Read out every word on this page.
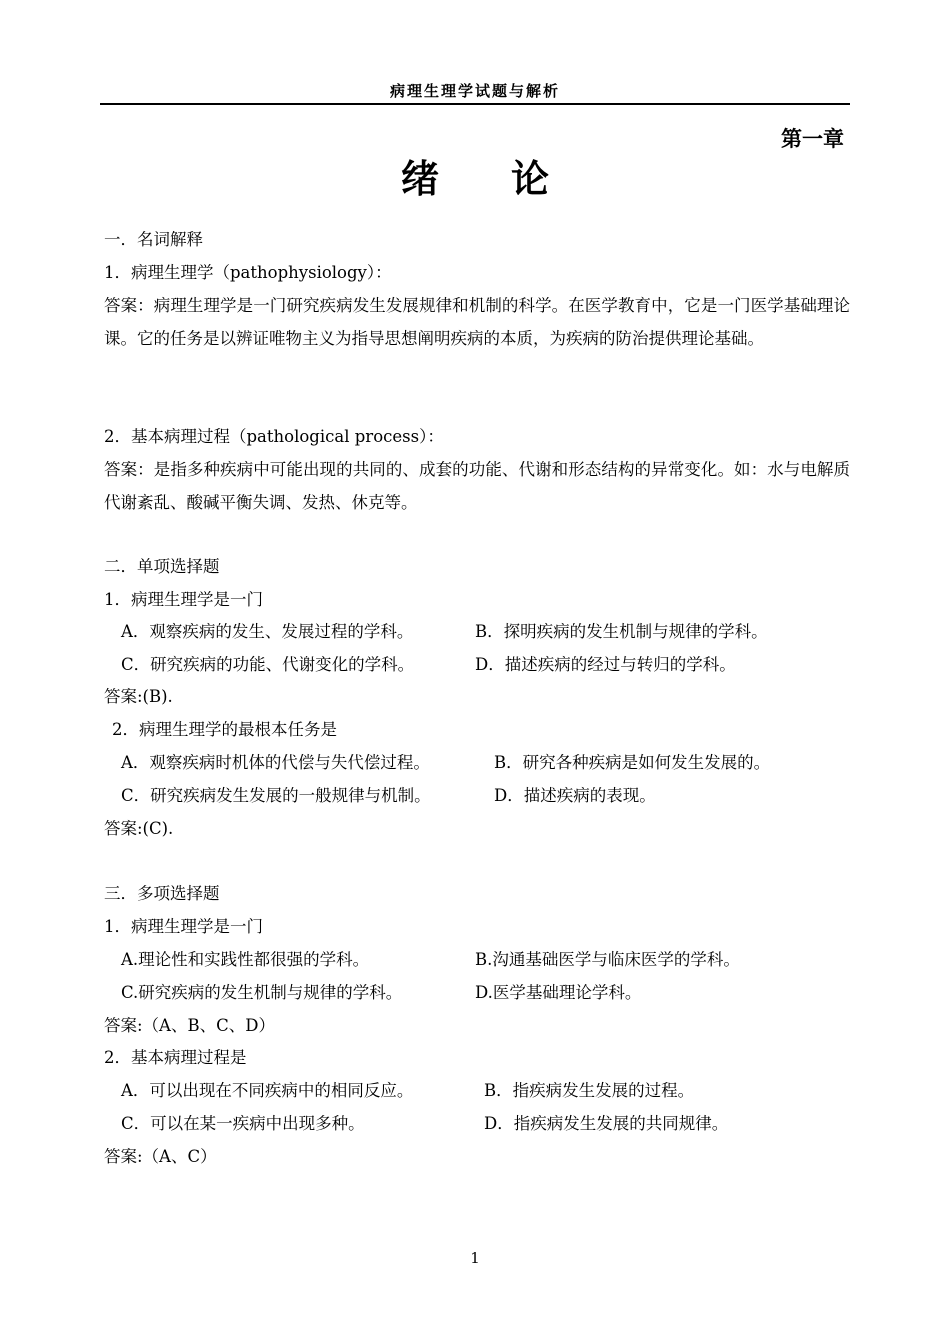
病理生理学试题与解析
第一章
绪 论
一．名词解释
1．病理生理学（pathophysiology）：
答案：病理生理学是一门研究疾病发生发展规律和机制的科学。在医学教育中，它是一门医学基础理论课。它的任务是以辨证唯物主义为指导思想阐明疾病的本质，为疾病的防治提供理论基础。
2．基本病理过程（pathological process）：
答案：是指多种疾病中可能出现的共同的、成套的功能、代谢和形态结构的异常变化。如：水与电解质代谢紊乱、酸碱平衡失调、发热、休克等。
二．单项选择题
1．病理生理学是一门
A．观察疾病的发生、发展过程的学科。	B．探明疾病的发生机制与规律的学科。
C．研究疾病的功能、代谢变化的学科。	D．描述疾病的经过与转归的学科。
答案:(B).
2．病理生理学的最根本任务是
A．观察疾病时机体的代偿与失代偿过程。	B．研究各种疾病是如何发生发展的。
C．研究疾病发生发展的一般规律与机制。	D．描述疾病的表现。
答案:(C).
三．多项选择题
1．病理生理学是一门
A.理论性和实践性都很强的学科。	B.沟通基础医学与临床医学的学科。
C.研究疾病的发生机制与规律的学科。	D.医学基础理论学科。
答案:（A、B、C、D）
2．基本病理过程是
A．可以出现在不同疾病中的相同反应。	B．指疾病发生发展的过程。
C．可以在某一疾病中出现多种。	D．指疾病发生发展的共同规律。
答案:（A、C）
1
